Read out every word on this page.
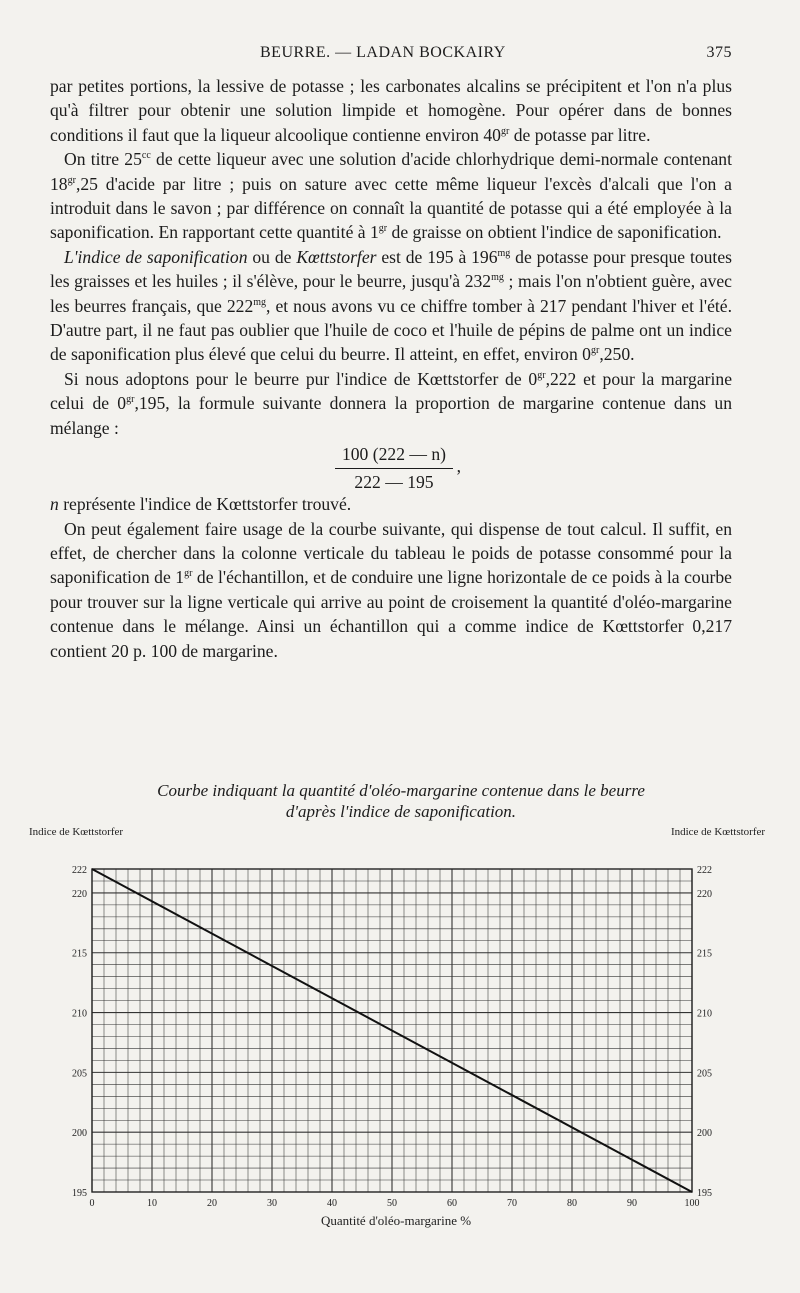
BEURRE. — LADAN BOCKAIRY	375

par petites portions, la lessive de potasse ; les carbonates alcalins se précipitent et l'on n'a plus qu'à filtrer pour obtenir une solution limpide et homogène. Pour opérer dans de bonnes conditions il faut que la liqueur alcoolique contienne environ $40^{gr}$ de potasse par litre.

On titre $25^{cc}$ de cette liqueur avec une solution d'acide chlorhydrique demi-normale contenant $18^{gr},25$ d'acide par litre ; puis on sature avec cette même liqueur l'excès d'alcali que l'on a introduit dans le savon ; par différence on connaît la quantité de potasse qui a été employée à la saponification. En rapportant cette quantité à $1^{gr}$ de graisse on obtient l'indice de saponification.

L'indice de saponification ou de Kœttstorfer est de 195 à $196^{mg}$ de potasse pour presque toutes les graisses et les huiles ; il s'élève, pour le beurre, jusqu'à $232^{mg}$ ; mais l'on n'obtient guère, avec les beurres français, que $222^{mg}$, et nous avons vu ce chiffre tomber à 217 pendant l'hiver et l'été. D'autre part, il ne faut pas oublier que l'huile de coco et l'huile de pépins de palme ont un indice de saponification plus élevé que celui du beurre. Il atteint, en effet, environ $0^{gr},250$.

Si nous adoptons pour le beurre pur l'indice de Kœttstorfer de $0^{gr},222$ et pour la margarine celui de $0^{gr},195$, la formule suivante donnera la proportion de margarine contenue dans un mélange :

100 (222 — n)
222 — 195
,

n représente l'indice de Kœttstorfer trouvé.

On peut également faire usage de la courbe suivante, qui dispense de tout calcul. Il suffit, en effet, de chercher dans la colonne verticale du tableau le poids de potasse consommé pour la saponification de $1^{gr}$ de l'échantillon, et de conduire une ligne horizontale de ce poids à la courbe pour trouver sur la ligne verticale qui arrive au point de croisement la quantité d'oléo-margarine contenue dans le mélange. Ainsi un échantillon qui a comme indice de Kœttstorfer 0,217 contient 20 p. 100 de margarine.

Courbe indiquant la quantité d'oléo-margarine contenue dans le beurre
d'après l'indice de saponification.
Indice de Kœttstorfer	Indice de Kœttstorfer
222	222
220	220
215	215
210	210
205	205
200	200
195	195
0	10	20	30	40	50	60	70	80	90	100
Quantité d'oléo-margarine %
